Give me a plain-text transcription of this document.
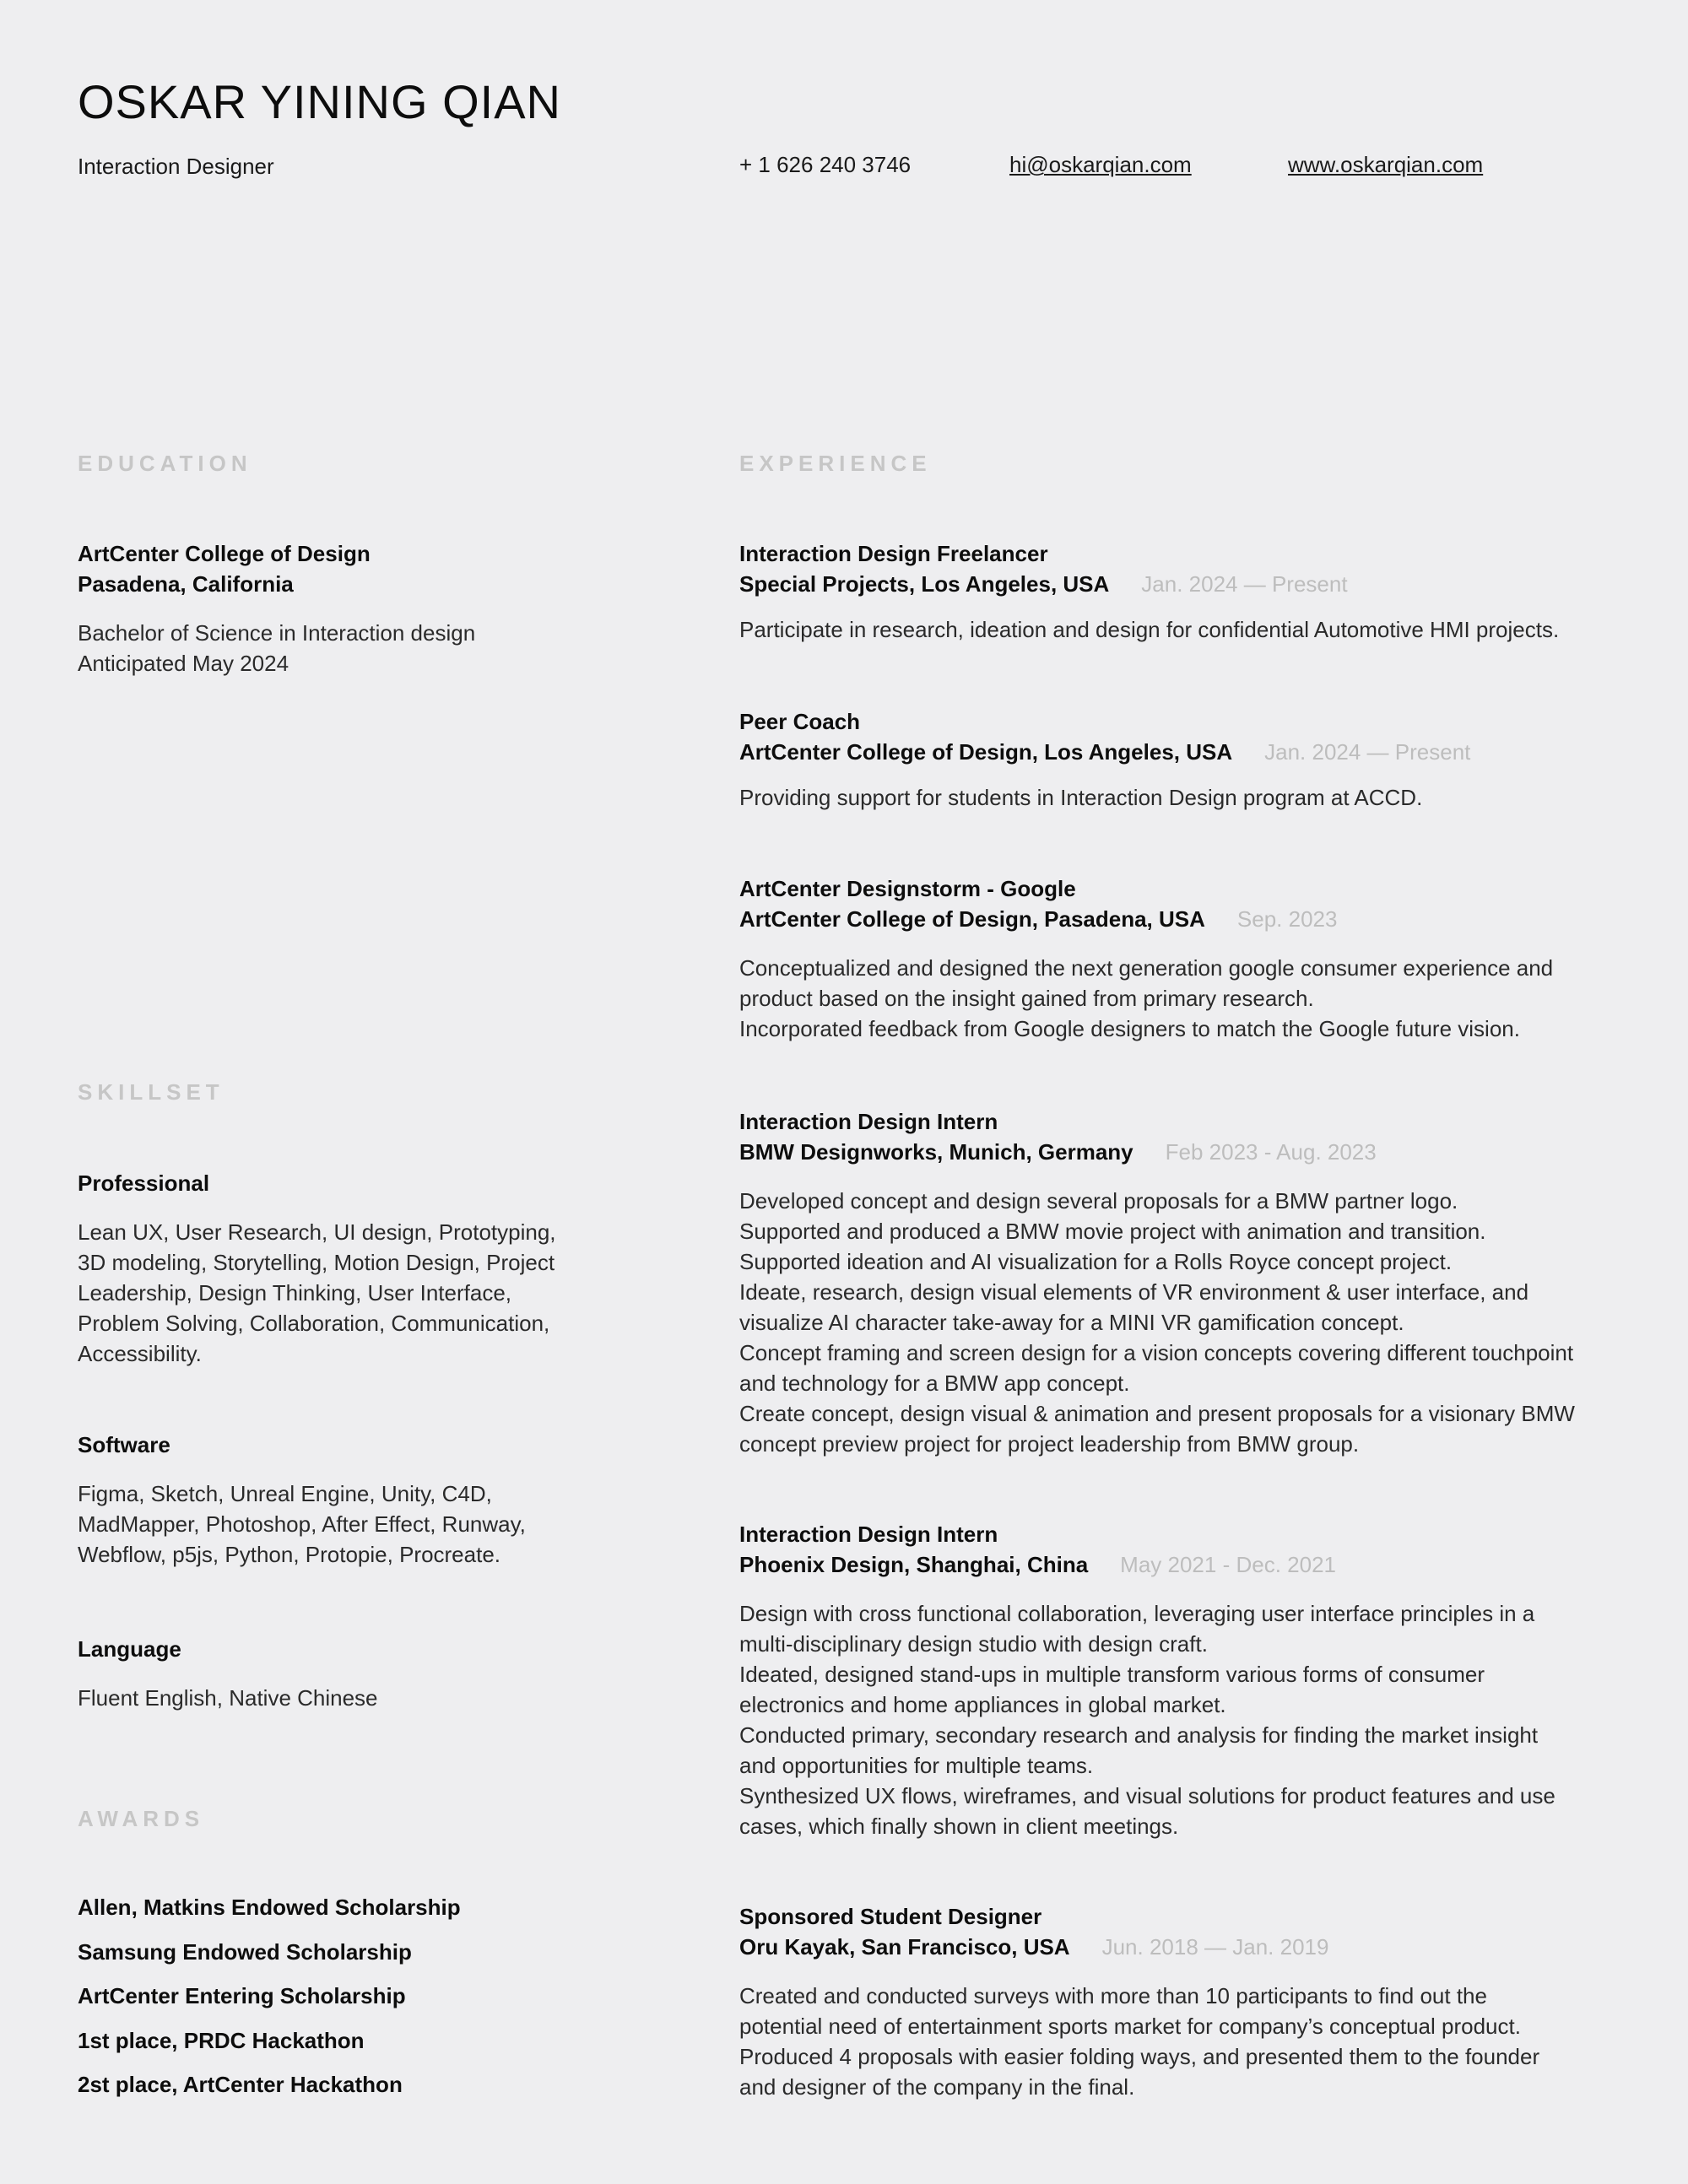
OSKAR YINING QIAN
Interaction Designer	+ 1 626 240 3746	hi@oskarqian.com	www.oskarqian.com
EDUCATION	EXPERIENCE
SKILLSET
AWARDS
ArtCenter College of Design
Pasadena, California
Bachelor of Science in Interaction design
Anticipated May 2024
Professional
Lean UX, User Research, UI design, Prototyping,
3D modeling, Storytelling, Motion Design, Project
Leadership, Design Thinking, User Interface,
Problem Solving, Collaboration, Communication,
Accessibility.
Software
Figma, Sketch, Unreal Engine, Unity, C4D,
MadMapper, Photoshop, After Effect, Runway,
Webflow, p5js, Python, Protopie, Procreate.
Language
Fluent English, Native Chinese
Allen, Matkins Endowed Scholarship
Samsung Endowed Scholarship
ArtCenter Entering Scholarship
1st place, PRDC Hackathon
2st place, ArtCenter Hackathon
Interaction Design Freelancer
Special Projects, Los Angeles, USA Jan. 2024 — Present
Participate in research, ideation and design for confidential Automotive HMI projects.
Peer Coach
ArtCenter College of Design, Los Angeles, USA Jan. 2024 — Present
Providing support for students in Interaction Design program at ACCD.
ArtCenter Designstorm - Google
ArtCenter College of Design, Pasadena, USA Sep. 2023
Conceptualized and designed the next generation google consumer experience and
product based on the insight gained from primary research.
Incorporated feedback from Google designers to match the Google future vision.
Interaction Design Intern
BMW Designworks, Munich, Germany Feb 2023 - Aug. 2023
Developed concept and design several proposals for a BMW partner logo.
Supported and produced a BMW movie project with animation and transition.
Supported ideation and AI visualization for a Rolls Royce concept project.
Ideate, research, design visual elements of VR environment & user interface, and
visualize AI character take-away for a MINI VR gamification concept.
Concept framing and screen design for a vision concepts covering different touchpoint
and technology for a BMW app concept.
Create concept, design visual & animation and present proposals for a visionary BMW
concept preview project for project leadership from BMW group.
Interaction Design Intern
Phoenix Design, Shanghai, China May 2021 - Dec. 2021
Design with cross functional collaboration, leveraging user interface principles in a
multi-disciplinary design studio with design craft.
Ideated, designed stand-ups in multiple transform various forms of consumer
electronics and home appliances in global market.
Conducted primary, secondary research and analysis for finding the market insight
and opportunities for multiple teams.
Synthesized UX flows, wireframes, and visual solutions for product features and use
cases, which finally shown in client meetings.
Sponsored Student Designer
Oru Kayak, San Francisco, USA Jun. 2018 — Jan. 2019
Created and conducted surveys with more than 10 participants to find out the
potential need of entertainment sports market for company’s conceptual product.
Produced 4 proposals with easier folding ways, and presented them to the founder
and designer of the company in the final.
